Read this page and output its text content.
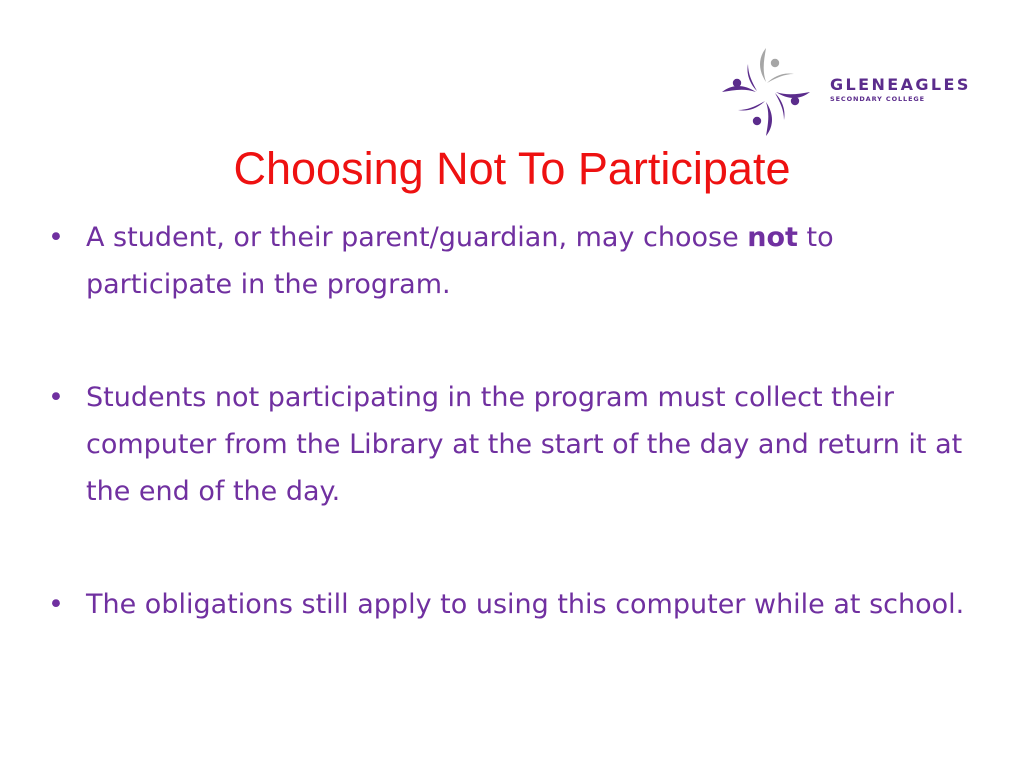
GLENEAGLES
SECONDARY COLLEGE
Choosing Not To Participate
• A student, or their parent/guardian, may choose not to participate in the program.
• Students not participating in the program must collect their computer from the Library at the start of the day and return it at the end of the day.
• The obligations still apply to using this computer while at school.
